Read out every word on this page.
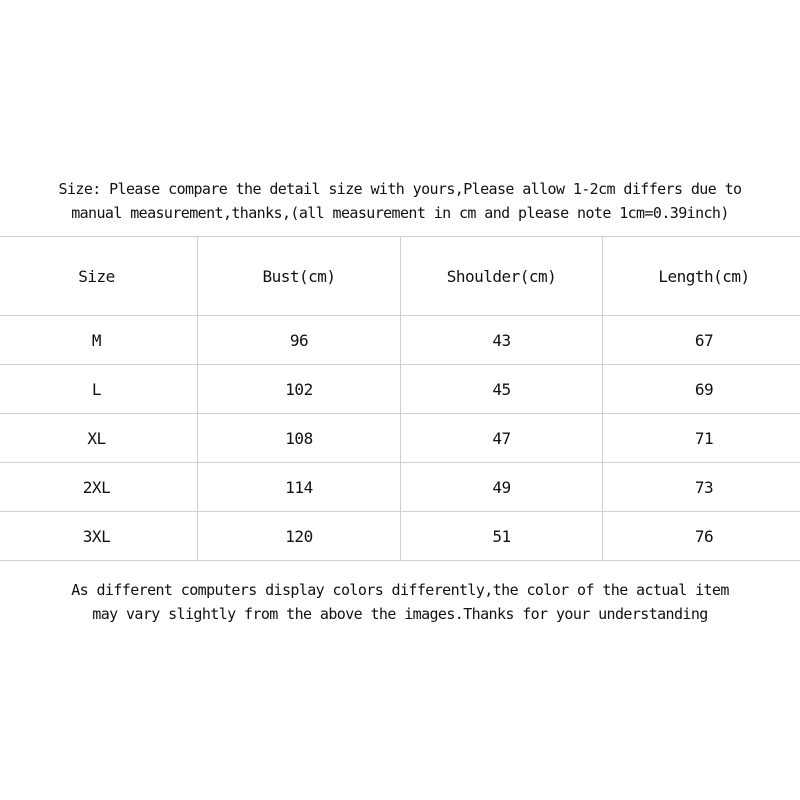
Size: Please compare the detail size with yours,Please allow 1-2cm differs due to
manual measurement,thanks,(all measurement in cm and please note 1cm=0.39inch)
Size	Bust(cm)	Shoulder(cm)	Length(cm)
M	96	43	67
L	102	45	69
XL	108	47	71
2XL	114	49	73
3XL	120	51	76
As different computers display colors differently,the color of the actual item
may vary slightly from the above the images.Thanks for your understanding
